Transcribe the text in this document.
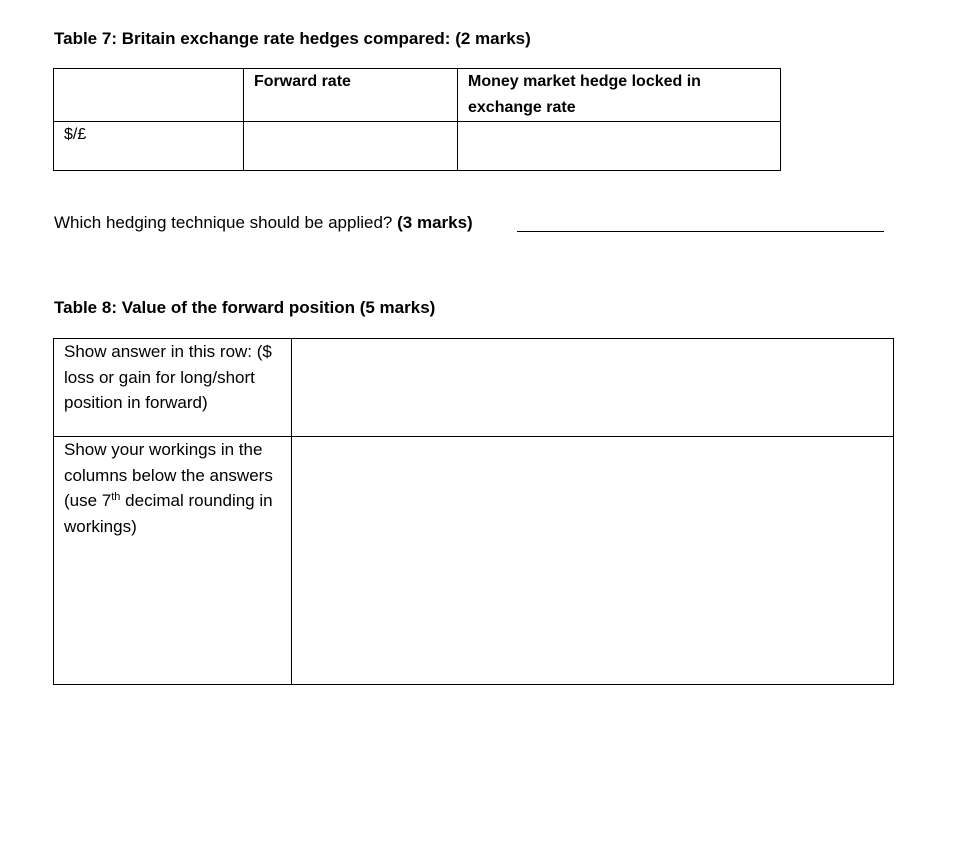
Table 7: Britain exchange rate hedges compared: (2 marks)
	Forward rate	Money market hedge locked in exchange rate
$/£		
Which hedging technique should be applied? (3 marks)
Table 8: Value of the forward position (5 marks)
Show answer in this row: ($ loss or gain for long/short position in forward)	
Show your workings in the columns below the answers (use 7th decimal rounding in workings)	
